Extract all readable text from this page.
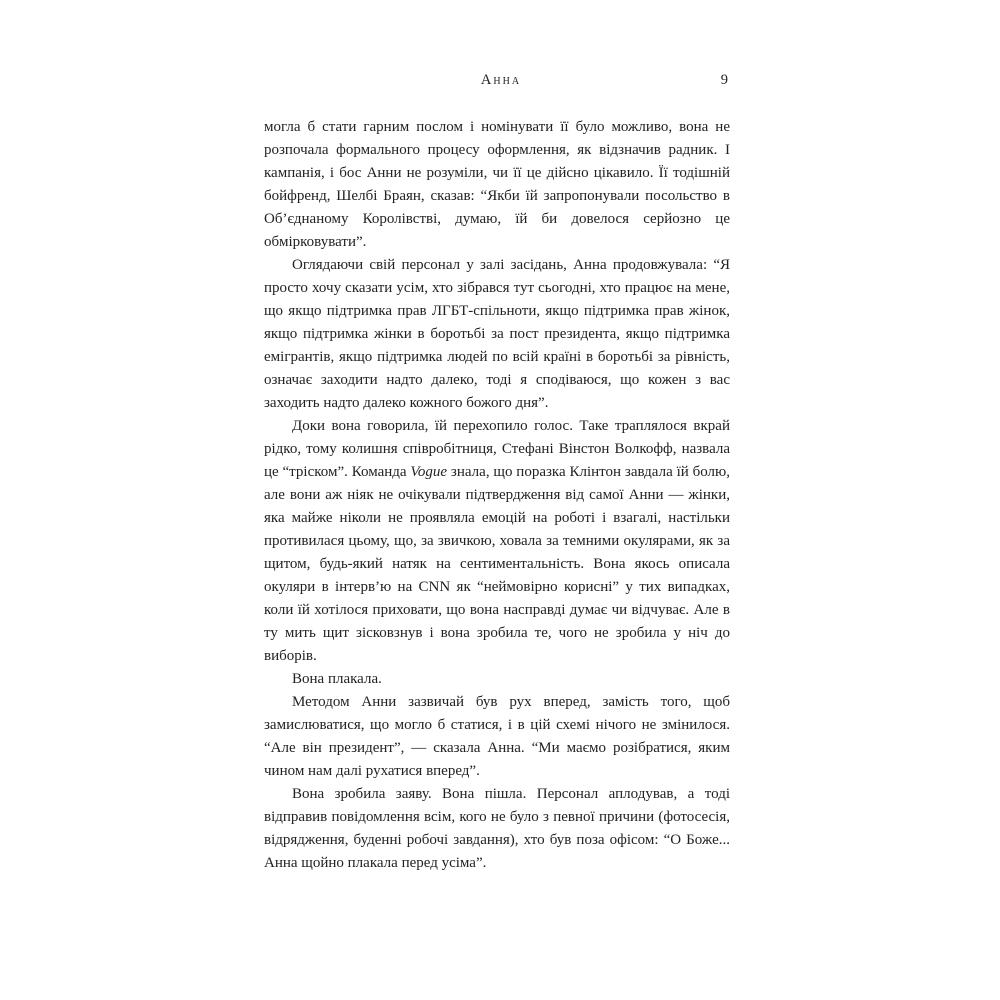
Анна	9

могла б стати гарним послом і номінувати її було можливо, вона не розпочала формального процесу оформлення, як відзначив радник. І кампанія, і бос Анни не розуміли, чи її це дійсно цікавило. Її тодішній бойфренд, Шелбі Браян, сказав: “Якби їй запропонували посольство в Об’єднаному Королівстві, думаю, їй би довелося серйозно це обмірковувати”.

Оглядаючи свій персонал у залі засідань, Анна продовжувала: “Я просто хочу сказати усім, хто зібрався тут сьогодні, хто працює на мене, що якщо підтримка прав ЛГБТ-спільноти, якщо підтримка прав жінок, якщо підтримка жінки в боротьбі за пост президента, якщо підтримка емігрантів, якщо підтримка людей по всій країні в боротьбі за рівність, означає заходити надто далеко, тоді я сподіваюся, що кожен з вас заходить надто далеко кожного божого дня”.

Доки вона говорила, їй перехопило голос. Таке траплялося вкрай рідко, тому колишня співробітниця, Стефані Вінстон Волкофф, назвала це “тріском”. Команда Vogue знала, що поразка Клінтон завдала їй болю, але вони аж ніяк не очікували підтвердження від самої Анни — жінки, яка майже ніколи не проявляла емоцій на роботі і взагалі, настільки противилася цьому, що, за звичкою, ховала за темними окулярами, як за щитом, будь-який натяк на сентиментальність. Вона якось описала окуляри в інтерв’ю на CNN як “неймовірно корисні” у тих випадках, коли їй хотілося приховати, що вона насправді думає чи відчуває. Але в ту мить щит зісковзнув і вона зробила те, чого не зробила у ніч до виборів.

Вона плакала.

Методом Анни зазвичай був рух вперед, замість того, щоб замислюватися, що могло б статися, і в цій схемі нічого не змінилося. “Але він президент”, — сказала Анна. “Ми маємо розібратися, яким чином нам далі рухатися вперед”.

Вона зробила заяву. Вона пішла. Персонал аплодував, а тоді відправив повідомлення всім, кого не було з певної причини (фотосесія, відрядження, буденні робочі завдання), хто був поза офісом: “О Боже... Анна щойно плакала перед усіма”.
